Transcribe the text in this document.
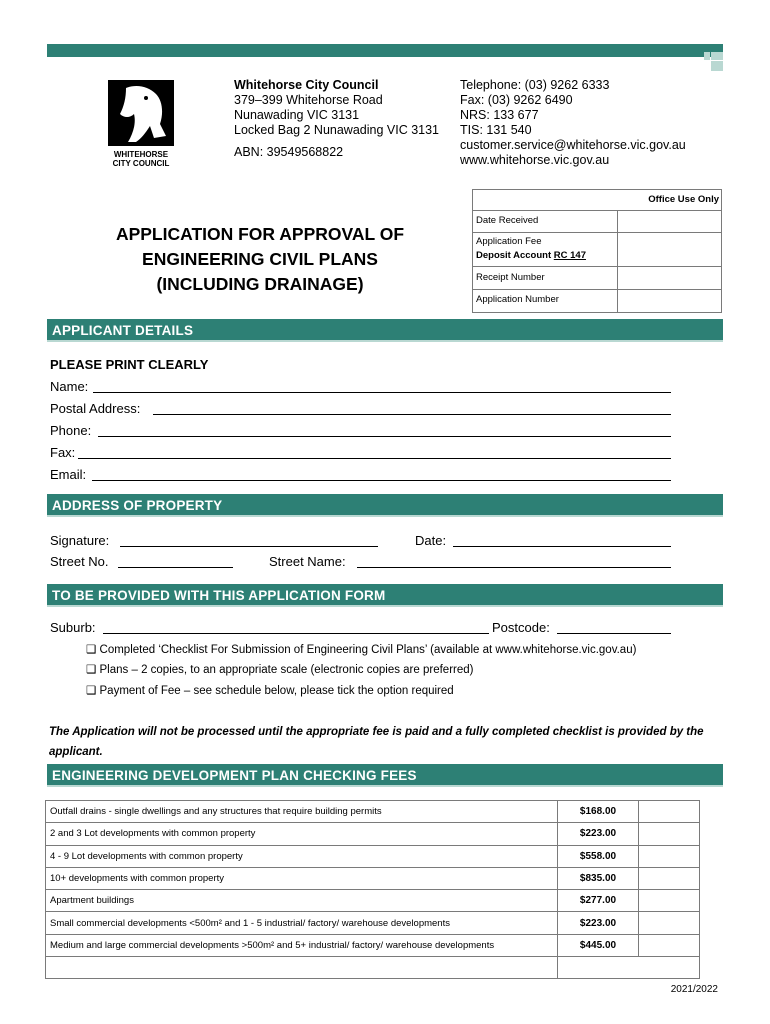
WHITEHORSE
CITY COUNCIL
Whitehorse City Council
379–399 Whitehorse Road
Nunawading VIC 3131
Locked Bag 2 Nunawading VIC 3131
ABN: 39549568822
Telephone: (03) 9262 6333
Fax: (03) 9262 6490
NRS: 133 677
TIS: 131 540
customer.service@whitehorse.vic.gov.au
www.whitehorse.vic.gov.au
Office Use Only
Date Received
Application Fee
Deposit Account RC 147
Receipt Number
Application Number
APPLICATION FOR APPROVAL OF
ENGINEERING CIVIL PLANS
(INCLUDING DRAINAGE)
APPLICANT DETAILS
PLEASE PRINT CLEARLY
Name:
Postal Address:
Phone:
Fax:
Email:
ADDRESS OF PROPERTY
Signature:	Date:
Street No.	Street Name:
TO BE PROVIDED WITH THIS APPLICATION FORM
Suburb:	Postcode:
❑ Completed ‘Checklist For Submission of Engineering Civil Plans’ (available at www.whitehorse.vic.gov.au)
❑ Plans – 2 copies, to an appropriate scale (electronic copies are preferred)
❑ Payment of Fee – see schedule below, please tick the option required
The Application will not be processed until the appropriate fee is paid and a fully completed checklist is provided by the applicant.
ENGINEERING DEVELOPMENT PLAN CHECKING FEES
Outfall drains - single dwellings and any structures that require building permits	$168.00	
2 and 3 Lot developments with common property	$223.00	
4 - 9 Lot developments with common property	$558.00	
10+ developments with common property	$835.00	
Apartment buildings	$277.00	
Small commercial developments <500m² and 1 - 5 industrial/ factory/ warehouse developments	$223.00	
Medium and large commercial developments >500m² and 5+ industrial/ factory/ warehouse developments	$445.00	

2021/2022
